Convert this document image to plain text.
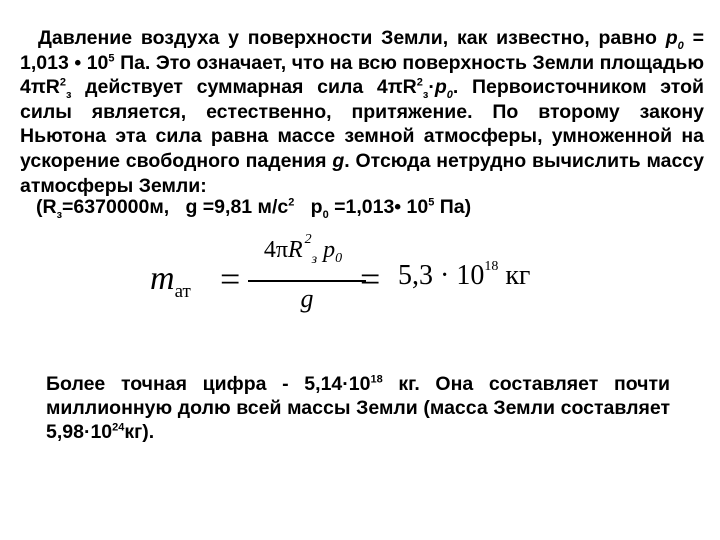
Давление воздуха у поверхности Земли, как известно, равно $p_0 = 1,013$ • $10^5$ Па. Это означает, что на всю поверхность Земли площадью $4\pi R^2_з$ действует суммарная сила $4\pi R^2_з\cdot p_0$. Первоисточником этой силы является, естественно, притяжение. По второму закону Ньютона эта сила равна массе земной атмосферы, умноженной на ускорение свободного падения g. Отсюда нетрудно вычислить массу атмосферы Земли:

($R_з=6370000м$, g =9,81 $м/с^2$ $p_0$ =1,013• $10^5$ Па)

$m_{ат}$ =
4πR $^2_з$ $p_0$
g	= $5,3 \cdot 10^{18}$ кг

Более точная цифра - $5,14\cdot 10^{18}$ кг. Она составляет почти миллионную долю всей массы Земли (масса Земли составляет $5,98\cdot 10^{24}кг$).
